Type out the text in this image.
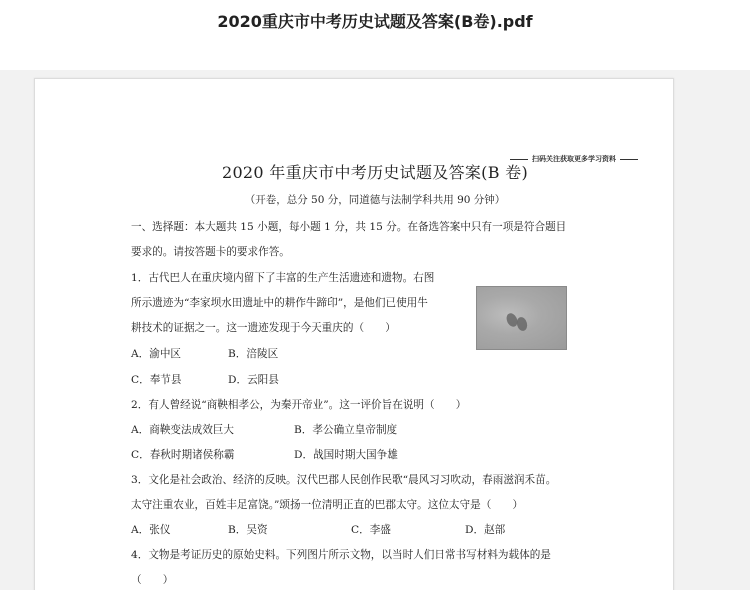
2020重庆市中考历史试题及答案(B卷).pdf
扫码关注获取更多学习资料
2020 年重庆市中考历史试题及答案(B 卷)
（开卷，总分 50 分，同道德与法制学科共用 90 分钟）
一、选择题：本大题共 15 小题，每小题 1 分，共 15 分。在备选答案中只有一项是符合题目
要求的。请按答题卡的要求作答。
1．古代巴人在重庆境内留下了丰富的生产生活遗迹和遗物。右图
所示遗迹为“李家坝水田遗址中的耕作牛蹄印”，是他们已使用牛
耕技术的证据之一。这一遗迹发现于今天重庆的（　　）
A．渝中区	B．涪陵区
C．奉节县	D．云阳县
2．有人曾经说“商鞅相孝公，为秦开帝业”。这一评价旨在说明（　　）
A．商鞅变法成效巨大	B．孝公确立皇帝制度
C．春秋时期诸侯称霸	D．战国时期大国争雄
3．文化是社会政治、经济的反映。汉代巴郡人民创作民歌“晨风习习吹动，春雨滋润禾苗。
太守注重农业，百姓丰足富饶。”颂扬一位清明正直的巴郡太守。这位太守是（　　）
A．张仪	B．吴资	C．李盛	D．赵部
4．文物是考证历史的原始史料。下列图片所示文物，以当时人们日常书写材料为载体的是
（　　）
